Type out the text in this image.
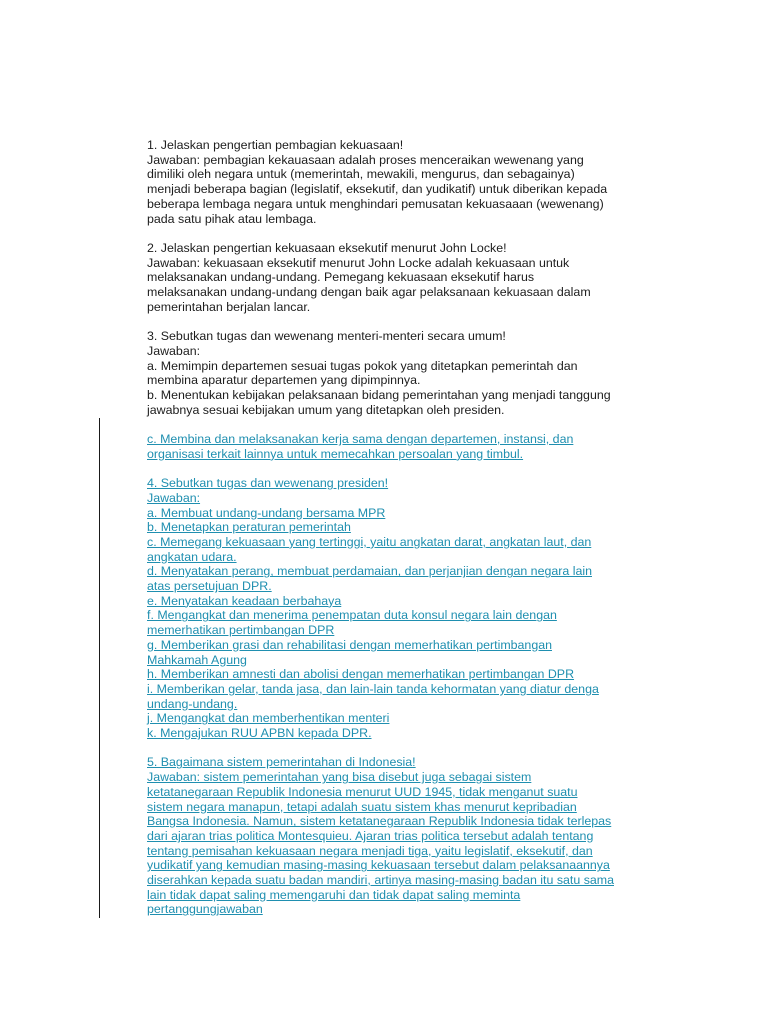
1. Jelaskan pengertian pembagian kekuasaan!

Jawaban: pembagian kekauasaan adalah proses menceraikan wewenang yang

dimiliki oleh negara untuk (memerintah, mewakili, mengurus, dan sebagainya)

menjadi beberapa bagian (legislatif, eksekutif, dan yudikatif) untuk diberikan kepada

beberapa lembaga negara untuk menghindari pemusatan kekuasaaan (wewenang)

pada satu pihak atau lembaga.

2. Jelaskan pengertian kekuasaan eksekutif menurut John Locke!

Jawaban: kekuasaan eksekutif menurut John Locke adalah kekuasaan untuk

melaksanakan undang-undang. Pemegang kekuasaan eksekutif harus

melaksanakan undang-undang dengan baik agar pelaksanaan kekuasaan dalam

pemerintahan berjalan lancar.

3. Sebutkan tugas dan wewenang menteri-menteri secara umum!

Jawaban:

a. Memimpin departemen sesuai tugas pokok yang ditetapkan pemerintah dan

membina aparatur departemen yang dipimpinnya.

b. Menentukan kebijakan pelaksanaan bidang pemerintahan yang menjadi tanggung

jawabnya sesuai kebijakan umum yang ditetapkan oleh presiden.

c. Membina dan melaksanakan kerja sama dengan departemen, instansi, dan

organisasi terkait lainnya untuk memecahkan persoalan yang timbul.

4. Sebutkan tugas dan wewenang presiden!

Jawaban:

a. Membuat undang-undang bersama MPR

b. Menetapkan peraturan pemerintah

c. Memegang kekuasaan yang tertinggi, yaitu angkatan darat, angkatan laut, dan

angkatan udara.

d. Menyatakan perang, membuat perdamaian, dan perjanjian dengan negara lain

atas persetujuan DPR.

e. Menyatakan keadaan berbahaya

f. Mengangkat dan menerima penempatan duta konsul negara lain dengan

memerhatikan pertimbangan DPR

g. Memberikan grasi dan rehabilitasi dengan memerhatikan pertimbangan

Mahkamah Agung

h. Memberikan amnesti dan abolisi dengan memerhatikan pertimbangan DPR

i. Memberikan gelar, tanda jasa, dan lain-lain tanda kehormatan yang diatur denga

undang-undang.

j. Mengangkat dan memberhentikan menteri

k. Mengajukan RUU APBN kepada DPR.

5. Bagaimana sistem pemerintahan di Indonesia!

Jawaban: sistem pemerintahan yang bisa disebut juga sebagai sistem

ketatanegaraan Republik Indonesia menurut UUD 1945, tidak menganut suatu

sistem negara manapun, tetapi adalah suatu sistem khas menurut kepribadian

Bangsa Indonesia. Namun, sistem ketatanegaraan Republik Indonesia tidak terlepas

dari ajaran trias politica Montesquieu. Ajaran trias politica tersebut adalah tentang

tentang pemisahan kekuasaan negara menjadi tiga, yaitu legislatif, eksekutif, dan

yudikatif yang kemudian masing-masing kekuasaan tersebut dalam pelaksanaannya

diserahkan kepada suatu badan mandiri, artinya masing-masing badan itu satu sama

lain tidak dapat saling memengaruhi dan tidak dapat saling meminta

pertanggungjawaban
